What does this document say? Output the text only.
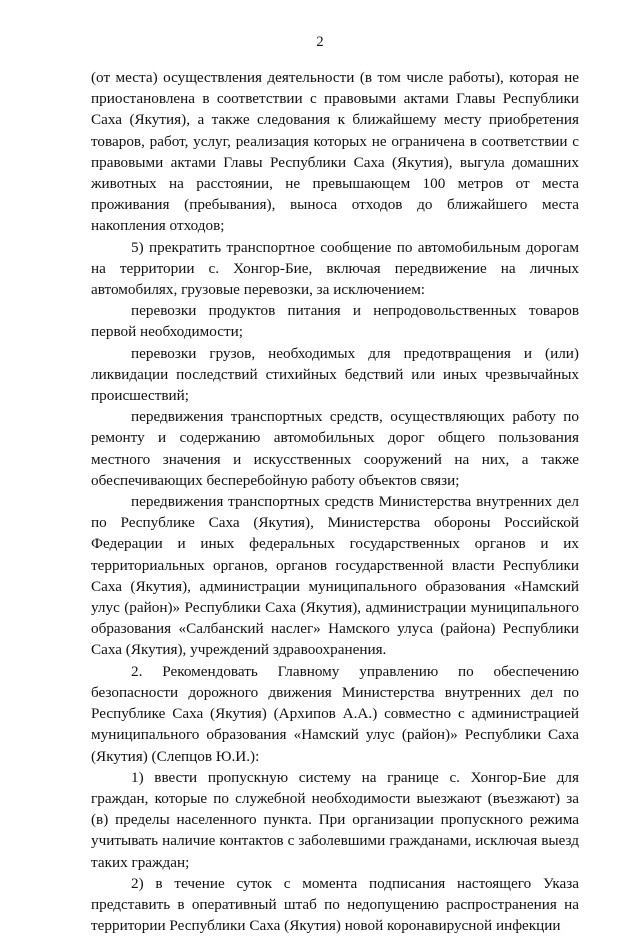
2

(от места) осуществления деятельности (в том числе работы), которая не приостановлена в соответствии с правовыми актами Главы Республики Саха (Якутия), а также следования к ближайшему месту приобретения товаров, работ, услуг, реализация которых не ограничена в соответствии с правовыми актами Главы Республики Саха (Якутия), выгула домашних животных на расстоянии, не превышающем 100 метров от места проживания (пребывания), выноса отходов до ближайшего места накопления отходов;

5) прекратить транспортное сообщение по автомобильным дорогам на территории с. Хонгор-Бие, включая передвижение на личных автомобилях, грузовые перевозки, за исключением:

перевозки продуктов питания и непродовольственных товаров первой необходимости;

перевозки грузов, необходимых для предотвращения и (или) ликвидации последствий стихийных бедствий или иных чрезвычайных происшествий;

передвижения транспортных средств, осуществляющих работу по ремонту и содержанию автомобильных дорог общего пользования местного значения и искусственных сооружений на них, а также обеспечивающих бесперебойную работу объектов связи;

передвижения транспортных средств Министерства внутренних дел по Республике Саха (Якутия), Министерства обороны Российской Федерации и иных федеральных государственных органов и их территориальных органов, органов государственной власти Республики Саха (Якутия), администрации муниципального образования «Намский улус (район)» Республики Саха (Якутия), администрации муниципального образования «Салбанский наслег» Намского улуса (района) Республики Саха (Якутия), учреждений здравоохранения.

2. Рекомендовать Главному управлению по обеспечению безопасности дорожного движения Министерства внутренних дел по Республике Саха (Якутия) (Архипов А.А.) совместно с администрацией муниципального образования «Намский улус (район)» Республики Саха (Якутия) (Слепцов Ю.И.):

1) ввести пропускную систему на границе с. Хонгор-Бие для граждан, которые по служебной необходимости выезжают (въезжают) за (в) пределы населенного пункта. При организации пропускного режима учитывать наличие контактов с заболевшими гражданами, исключая выезд таких граждан;

2) в течение суток с момента подписания настоящего Указа представить в оперативный штаб по недопущению распространения на территории Республики Саха (Якутия) новой коронавирусной инфекции
